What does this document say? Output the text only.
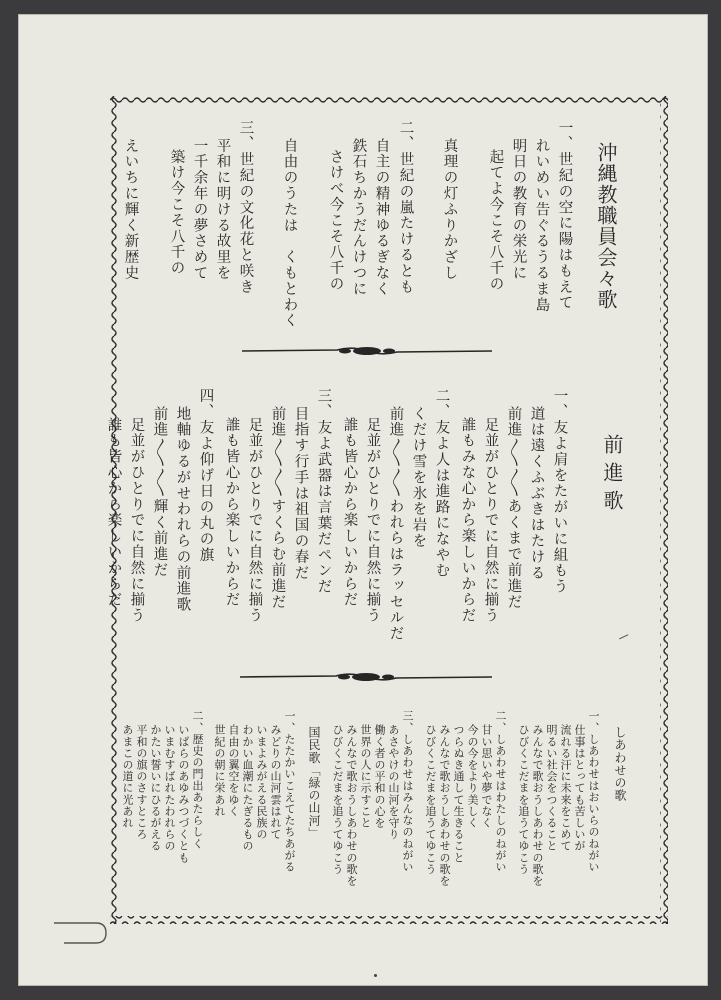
沖縄教職員会々歌
一、世紀の空に陽はもえて
れいめい告ぐるうるま島
明日の教育の栄光に
起てよ今こそ八千の
真理の灯ふりかざし
二、世紀の嵐たけるとも
自主の精神ゆるぎなく
鉄石ちかうだんけつに
さけべ今こそ八千の
自由のうたは　くもとわく
三、世紀の文化花と咲き
平和に明ける故里を
一千余年の夢さめて
築け今こそ八千の
えいちに輝く新歴史
前進歌
一、友よ肩をたがいに組もう
道は遠くふぶきはたける
前進〳〵〳〵あくまで前進だ
足並がひとりでに自然に揃う
誰もみな心から楽しいからだ
二、友よ人は進路になやむ
くだけ雪を氷を岩を
前進〳〵〳〵われらはラッセルだ
足並がひとりでに自然に揃う
誰も皆心から楽しいからだ
三、友よ武器は言葉だペンだ
目指す行手は祖国の春だ
前進〳〵〳〵すくらむ前進だ
足並がひとりでに自然に揃う
誰も皆心から楽しいからだ
四、友よ仰げ日の丸の旗
地軸ゆるがせわれらの前進歌
前進〳〵〳〵輝く前進だ
足並がひとりでに自然に揃う
誰も皆心から楽しいからだ
しあわせの歌
一、しあわせはおいらのねがい
仕事はとっても苦しいが
流れる汗に未来をこめて
明るい社会をつくること
みんなで歌おうしあわせの歌を
ひびくこだまを追うてゆこう
二、しあわせはわたしのねがい
甘い思いや夢でなく
今の今をより美しく
つらぬき通して生きること
みんなで歌おうしあわせの歌を
ひびくこだまを追うてゆこう
三、しあわせはみんなのねがい
あさやけの山河を守り
働く者の平和の心を
世界の人に示すこと
みんなで歌おうしあわせの歌を
ひびくこだまを追うてゆこう
国民歌「緑の山河」
一、たたかいこえてたちあがる
みどりの山河雲はれて
いまよみがえる民族の
わかい血潮にたぎるもの
自由の翼空をゆく
世紀の朝に栄あれ
二、歴史の門出あたらしく
いばらのあゆみつづくとも
いまむすばれたわれらの
かたい誓いにひるがえる
平和の旗のさすところ
あまこの道に光あれ
